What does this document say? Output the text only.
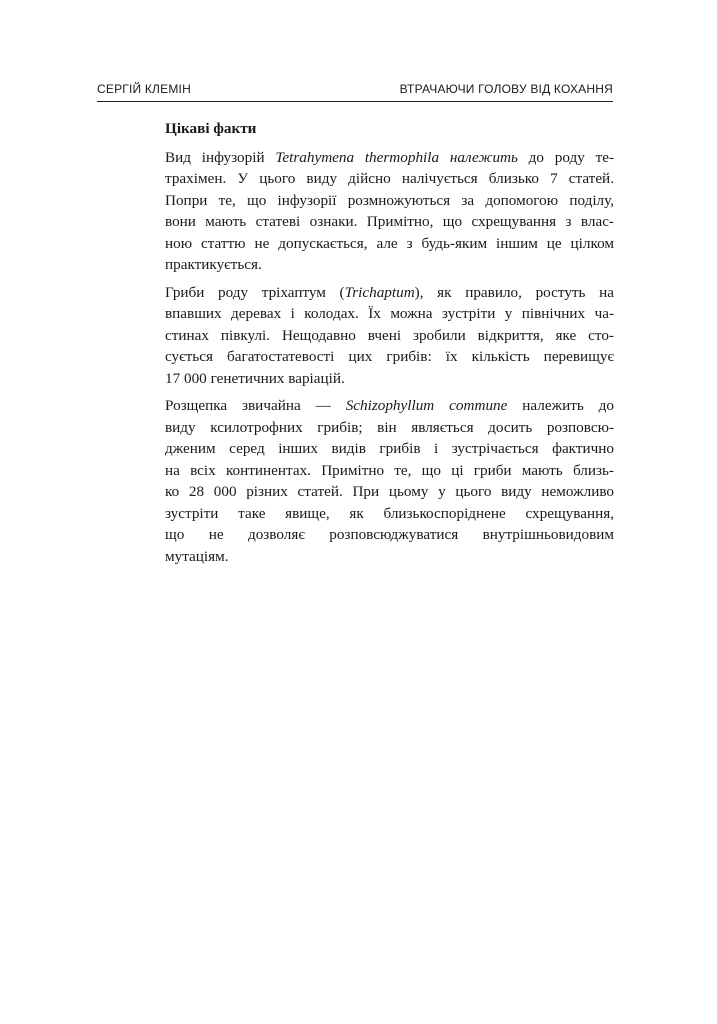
СЕРГІЙ КЛЕМІН	ВТРАЧАЮЧИ ГОЛОВУ ВІД КОХАННЯ
Цікаві факти
Вид інфузорій Tetrahymena thermophila належить до роду те-
трахімен. У цього виду дійсно налічується близько 7 статей.
Попри те, що інфузорії розмножуються за допомогою поділу,
вони мають статеві ознаки. Примітно, що схрещування з влас-
ною статтю не допускається, але з будь-яким іншим це цілком
практикується.
Гриби роду тріхаптум (Trichaptum), як правило, ростуть на
впавших деревах і колодах. Їх можна зустріти у північних ча-
стинах півкулі. Нещодавно вчені зробили відкриття, яке сто-
сується багатостатевості цих грибів: їх кількість перевищує
17 000 генетичних варіацій.
Розщепка звичайна — Schizophyllum commune належить до
виду ксилотрофних грибів; він являється досить розповсю-
дженим серед інших видів грибів і зустрічається фактично
на всіх континентах. Примітно те, що ці гриби мають близь-
ко 28 000 різних статей. При цьому у цього виду неможливо
зустріти таке явище, як близькоспоріднене схрещування,
що не дозволяє розповсюджуватися внутрішньовидовим
мутаціям.
